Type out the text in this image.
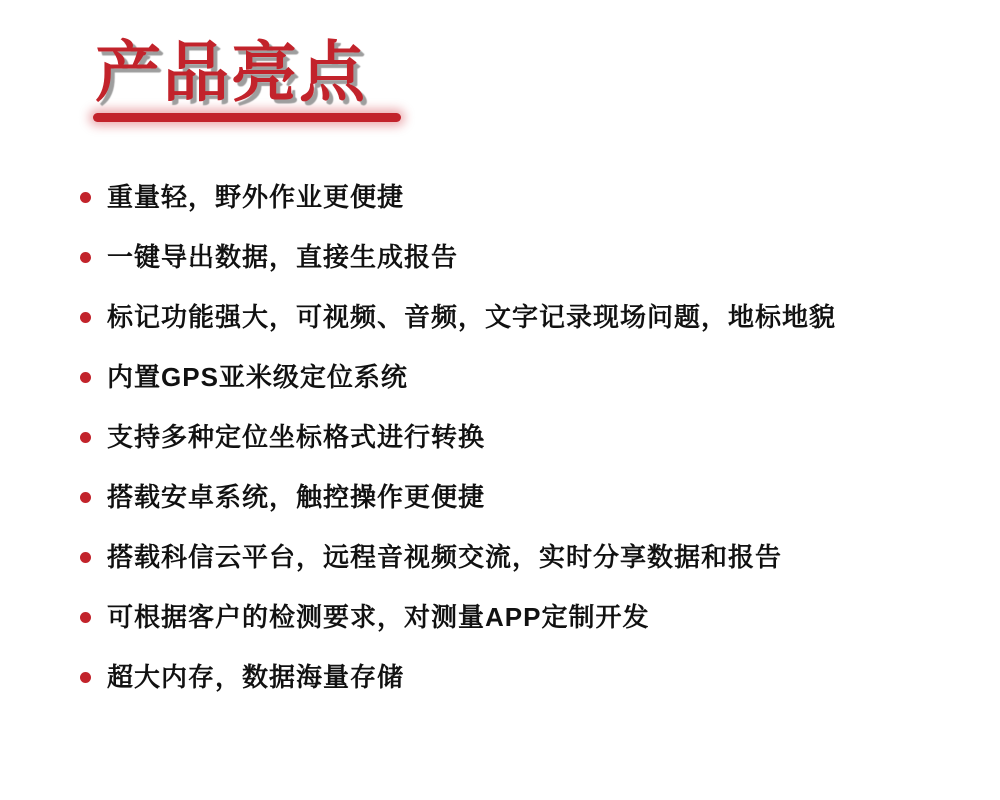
产品亮点
重量轻，野外作业更便捷
一键导出数据，直接生成报告
标记功能强大，可视频、音频，文字记录现场问题，地标地貌
内置GPS亚米级定位系统
支持多种定位坐标格式进行转换
搭载安卓系统，触控操作更便捷
搭载科信云平台，远程音视频交流，实时分享数据和报告
可根据客户的检测要求，对测量APP定制开发
超大内存，数据海量存储
